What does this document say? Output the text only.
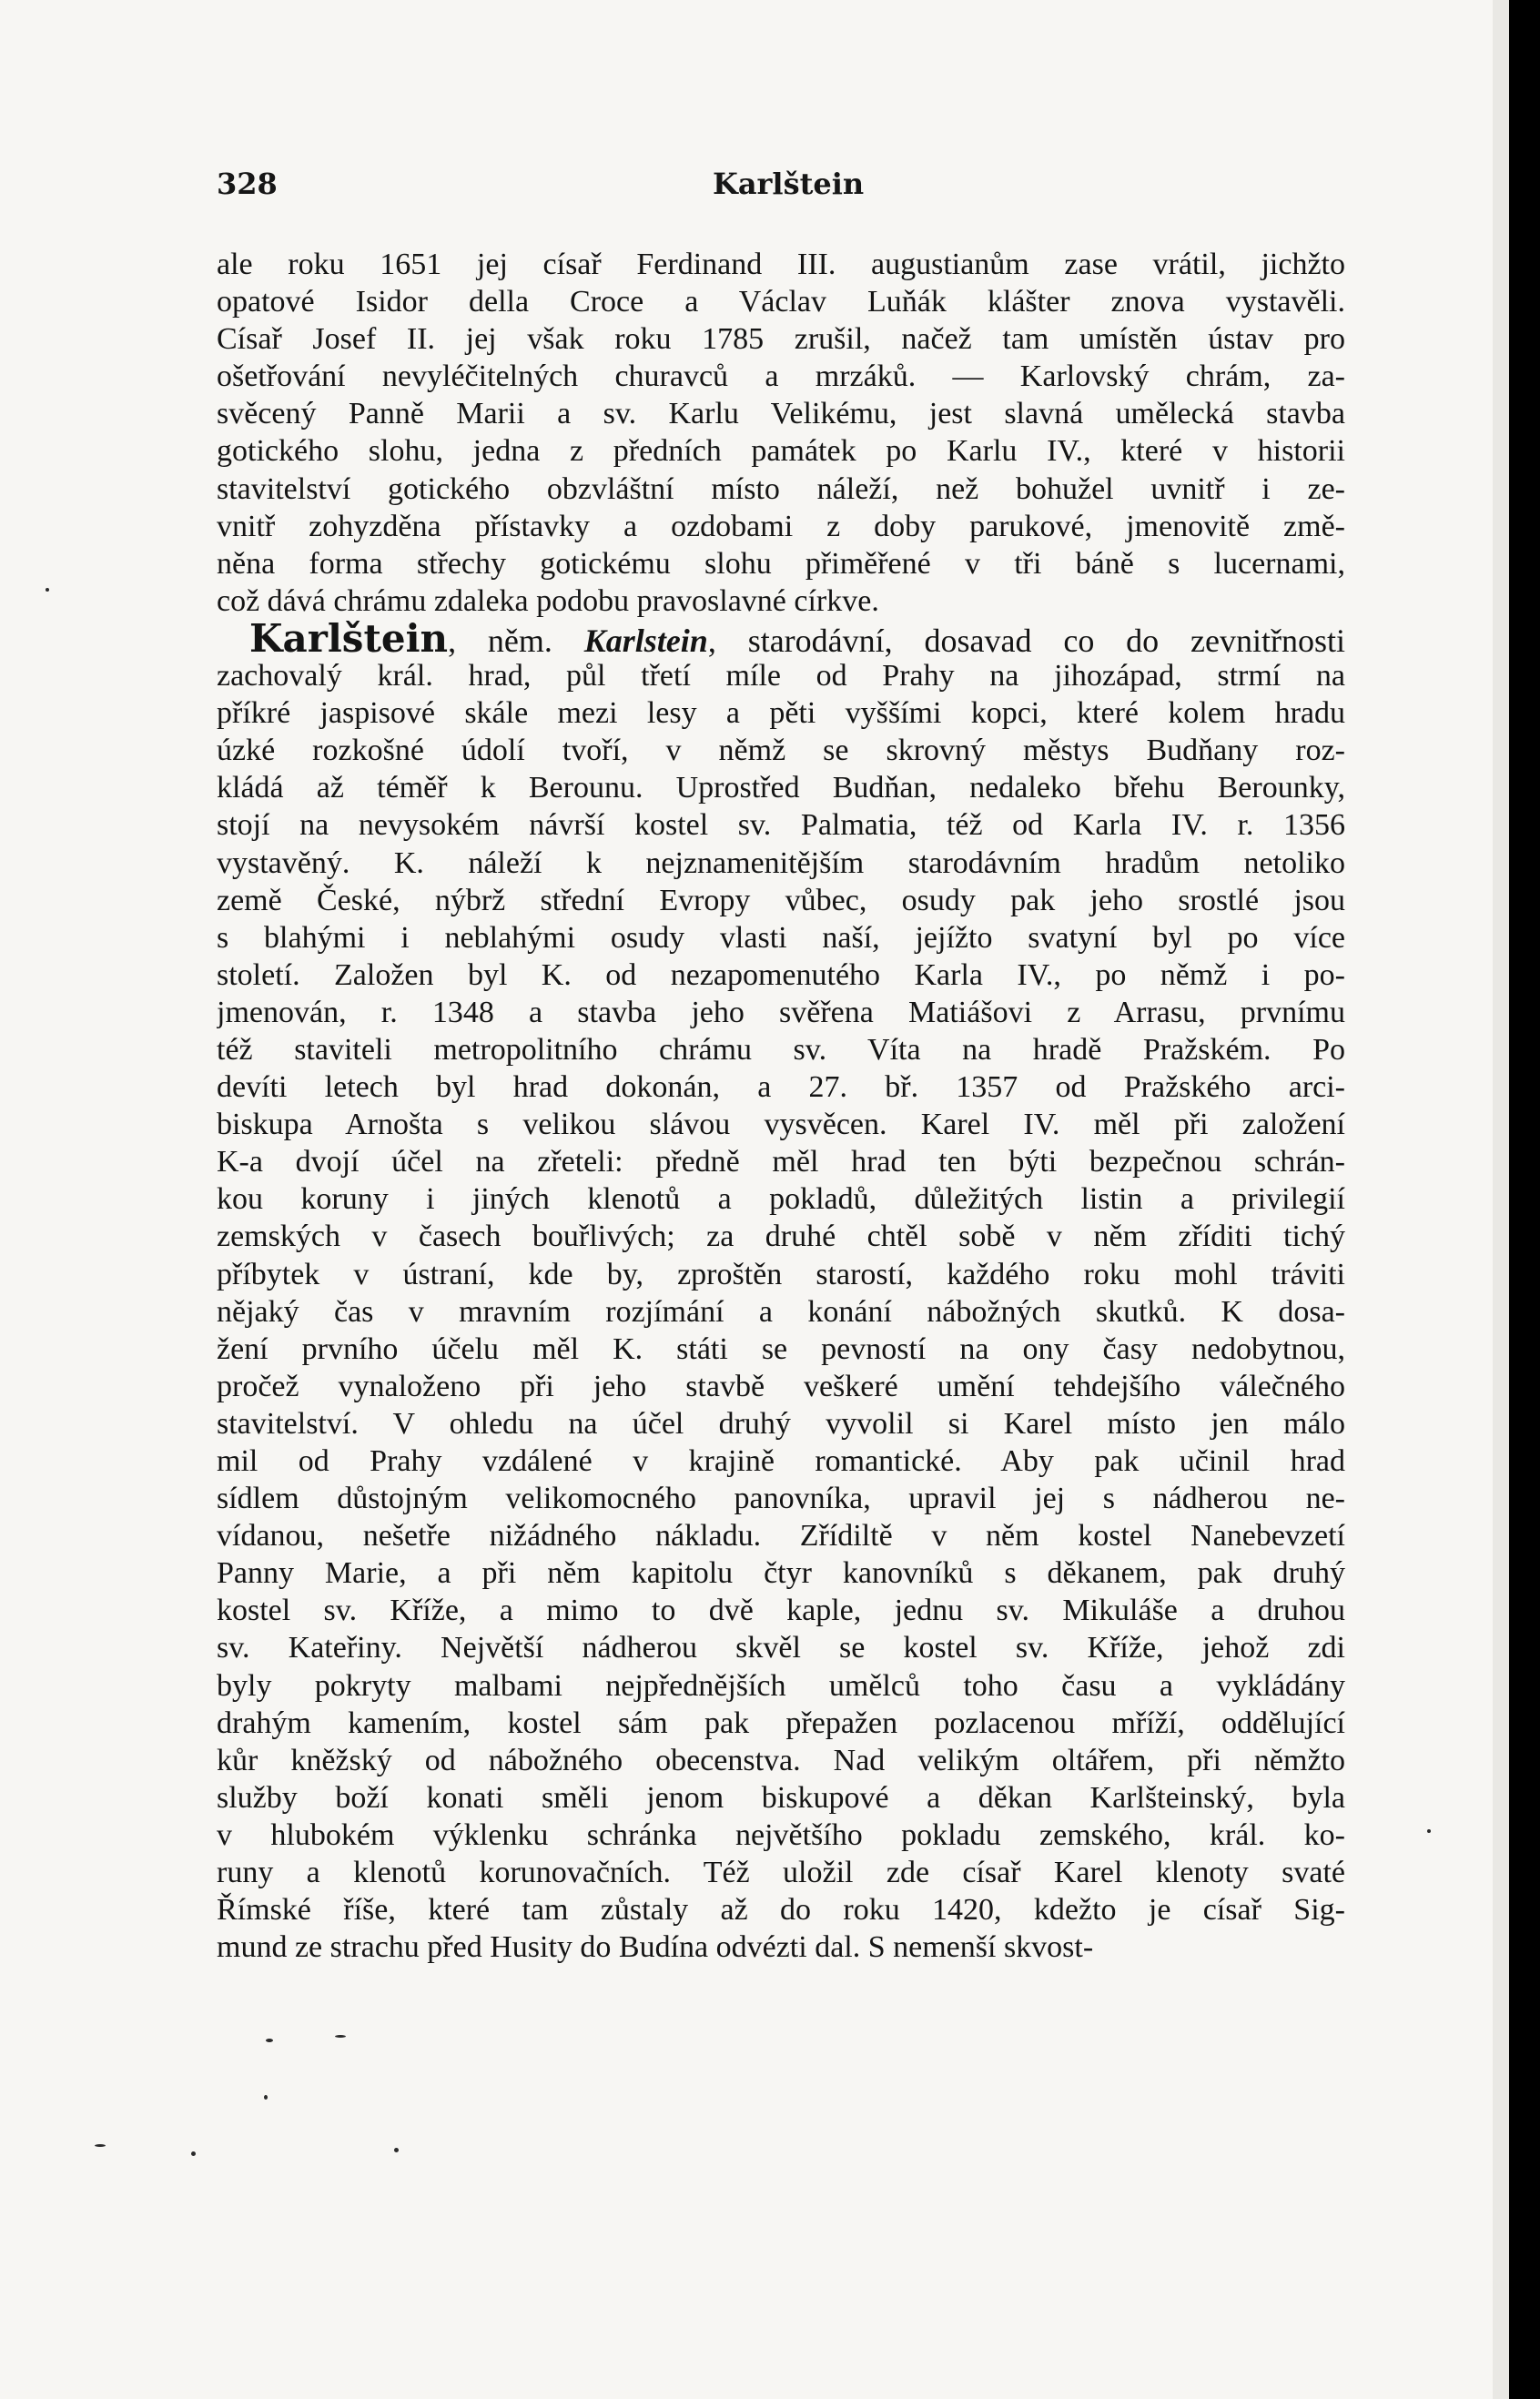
328	Karlštein
ale roku 1651 jej císař Ferdinand III. augustianům zase vrátil, jichžto
opatové Isidor della Croce a Václav Luňák klášter znova vystavěli.
Císař Josef II. jej však roku 1785 zrušil, načež tam umístěn ústav pro
ošetřování nevyléčitelných churavců a mrzáků. — Karlovský chrám, za-
svěcený Panně Marii a sv. Karlu Velikému, jest slavná umělecká stavba
gotického slohu, jedna z předních památek po Karlu IV., které v historii
stavitelství gotického obzvláštní místo náleží, než bohužel uvnitř i ze-
vnitř zohyzděna přístavky a ozdobami z doby parukové, jmenovitě změ-
něna forma střechy gotickému slohu přiměřené v tři báně s lucernami,
což dává chrámu zdaleka podobu pravoslavné církve.
Karlštein, něm. Karlstein, starodávní, dosavad co do zevnitřnosti
zachovalý král. hrad, půl třetí míle od Prahy na jihozápad, strmí na
příkré jaspisové skále mezi lesy a pěti vyššími kopci, které kolem hradu
úzké rozkošné údolí tvoří, v němž se skrovný městys Budňany roz-
kládá až téměř k Berounu. Uprostřed Budňan, nedaleko břehu Berounky,
stojí na nevysokém návrší kostel sv. Palmatia, též od Karla IV. r. 1356
vystavěný. K. náleží k nejznamenitějším starodávním hradům netoliko
země České, nýbrž střední Evropy vůbec, osudy pak jeho srostlé jsou
s blahými i neblahými osudy vlasti naší, jejížto svatyní byl po více
století. Založen byl K. od nezapomenutého Karla IV., po němž i po-
jmenován, r. 1348 a stavba jeho svěřena Matiášovi z Arrasu, prvnímu
též staviteli metropolitního chrámu sv. Víta na hradě Pražském. Po
devíti letech byl hrad dokonán, a 27. bř. 1357 od Pražského arci-
biskupa Arnošta s velikou slávou vysvěcen. Karel IV. měl při založení
K-a dvojí účel na zřeteli: předně měl hrad ten býti bezpečnou schrán-
kou koruny i jiných klenotů a pokladů, důležitých listin a privilegií
zemských v časech bouřlivých; za druhé chtěl sobě v něm zříditi tichý
příbytek v ústraní, kde by, zproštěn starostí, každého roku mohl tráviti
nějaký čas v mravním rozjímání a konání nábožných skutků. K dosa-
žení prvního účelu měl K. státi se pevností na ony časy nedobytnou,
pročež vynaloženo při jeho stavbě veškeré umění tehdejšího válečného
stavitelství. V ohledu na účel druhý vyvolil si Karel místo jen málo
mil od Prahy vzdálené v krajině romantické. Aby pak učinil hrad
sídlem důstojným velikomocného panovníka, upravil jej s nádherou ne-
vídanou, nešetře nižádného nákladu. Zřídiltě v něm kostel Nanebevzetí
Panny Marie, a při něm kapitolu čtyr kanovníků s děkanem, pak druhý
kostel sv. Kříže, a mimo to dvě kaple, jednu sv. Mikuláše a druhou
sv. Kateřiny. Největší nádherou skvěl se kostel sv. Kříže, jehož zdi
byly pokryty malbami nejpřednějších umělců toho času a vykládány
drahým kamením, kostel sám pak přepažen pozlacenou mříží, oddělující
kůr kněžský od nábožného obecenstva. Nad velikým oltářem, při němžto
služby boží konati směli jenom biskupové a děkan Karlšteinský, byla
v hlubokém výklenku schránka největšího pokladu zemského, král. ko-
runy a klenotů korunovačních. Též uložil zde císař Karel klenoty svaté
Římské říše, které tam zůstaly až do roku 1420, kdežto je císař Sig-
mund ze strachu před Husity do Budína odvézti dal. S nemenší skvost-
